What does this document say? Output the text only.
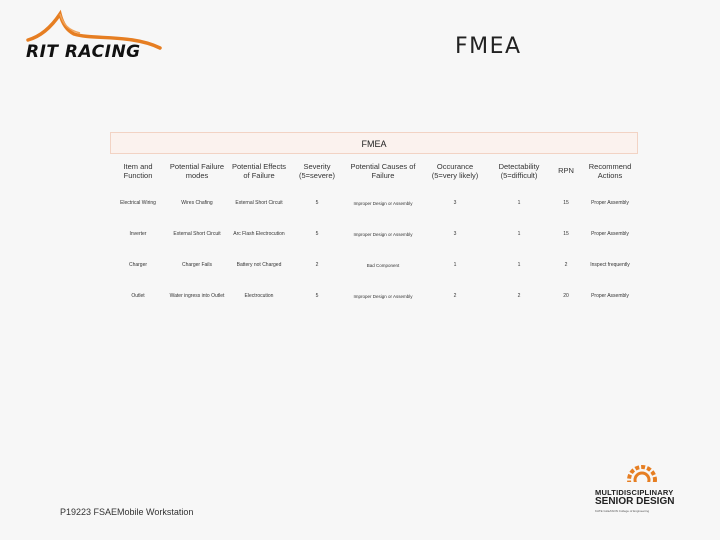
RIT RACING	FMEA
FMEA
Item and Function	Potential Failure modes	Potential Effects of Failure	Severity (5=severe)	Potential Causes of Failure	Occurance (5=very likely)	Detectability (5=difficult)	RPN	Recommend Actions
Electrical Wiring	Wires Chafing	External Short Circuit	5	Improper Design or Assembly	3	1	15	Proper Assembly
Inverter	External Short Circuit	Arc Flash Electrocution	5	Improper Design or Assembly	3	1	15	Proper Assembly
Charger	Charger Fails	Battery not Charged	2	Bad Component	1	1	2	Inspect frequently
Outlet	Water ingress into Outlet	Electrocution	5	Improper Design or Assembly	2	2	20	Proper Assembly
P19223 FSAEMobile Workstation
MULTIDISCIPLINARY
SENIOR DESIGN
KATE GLEASON College of Engineering
